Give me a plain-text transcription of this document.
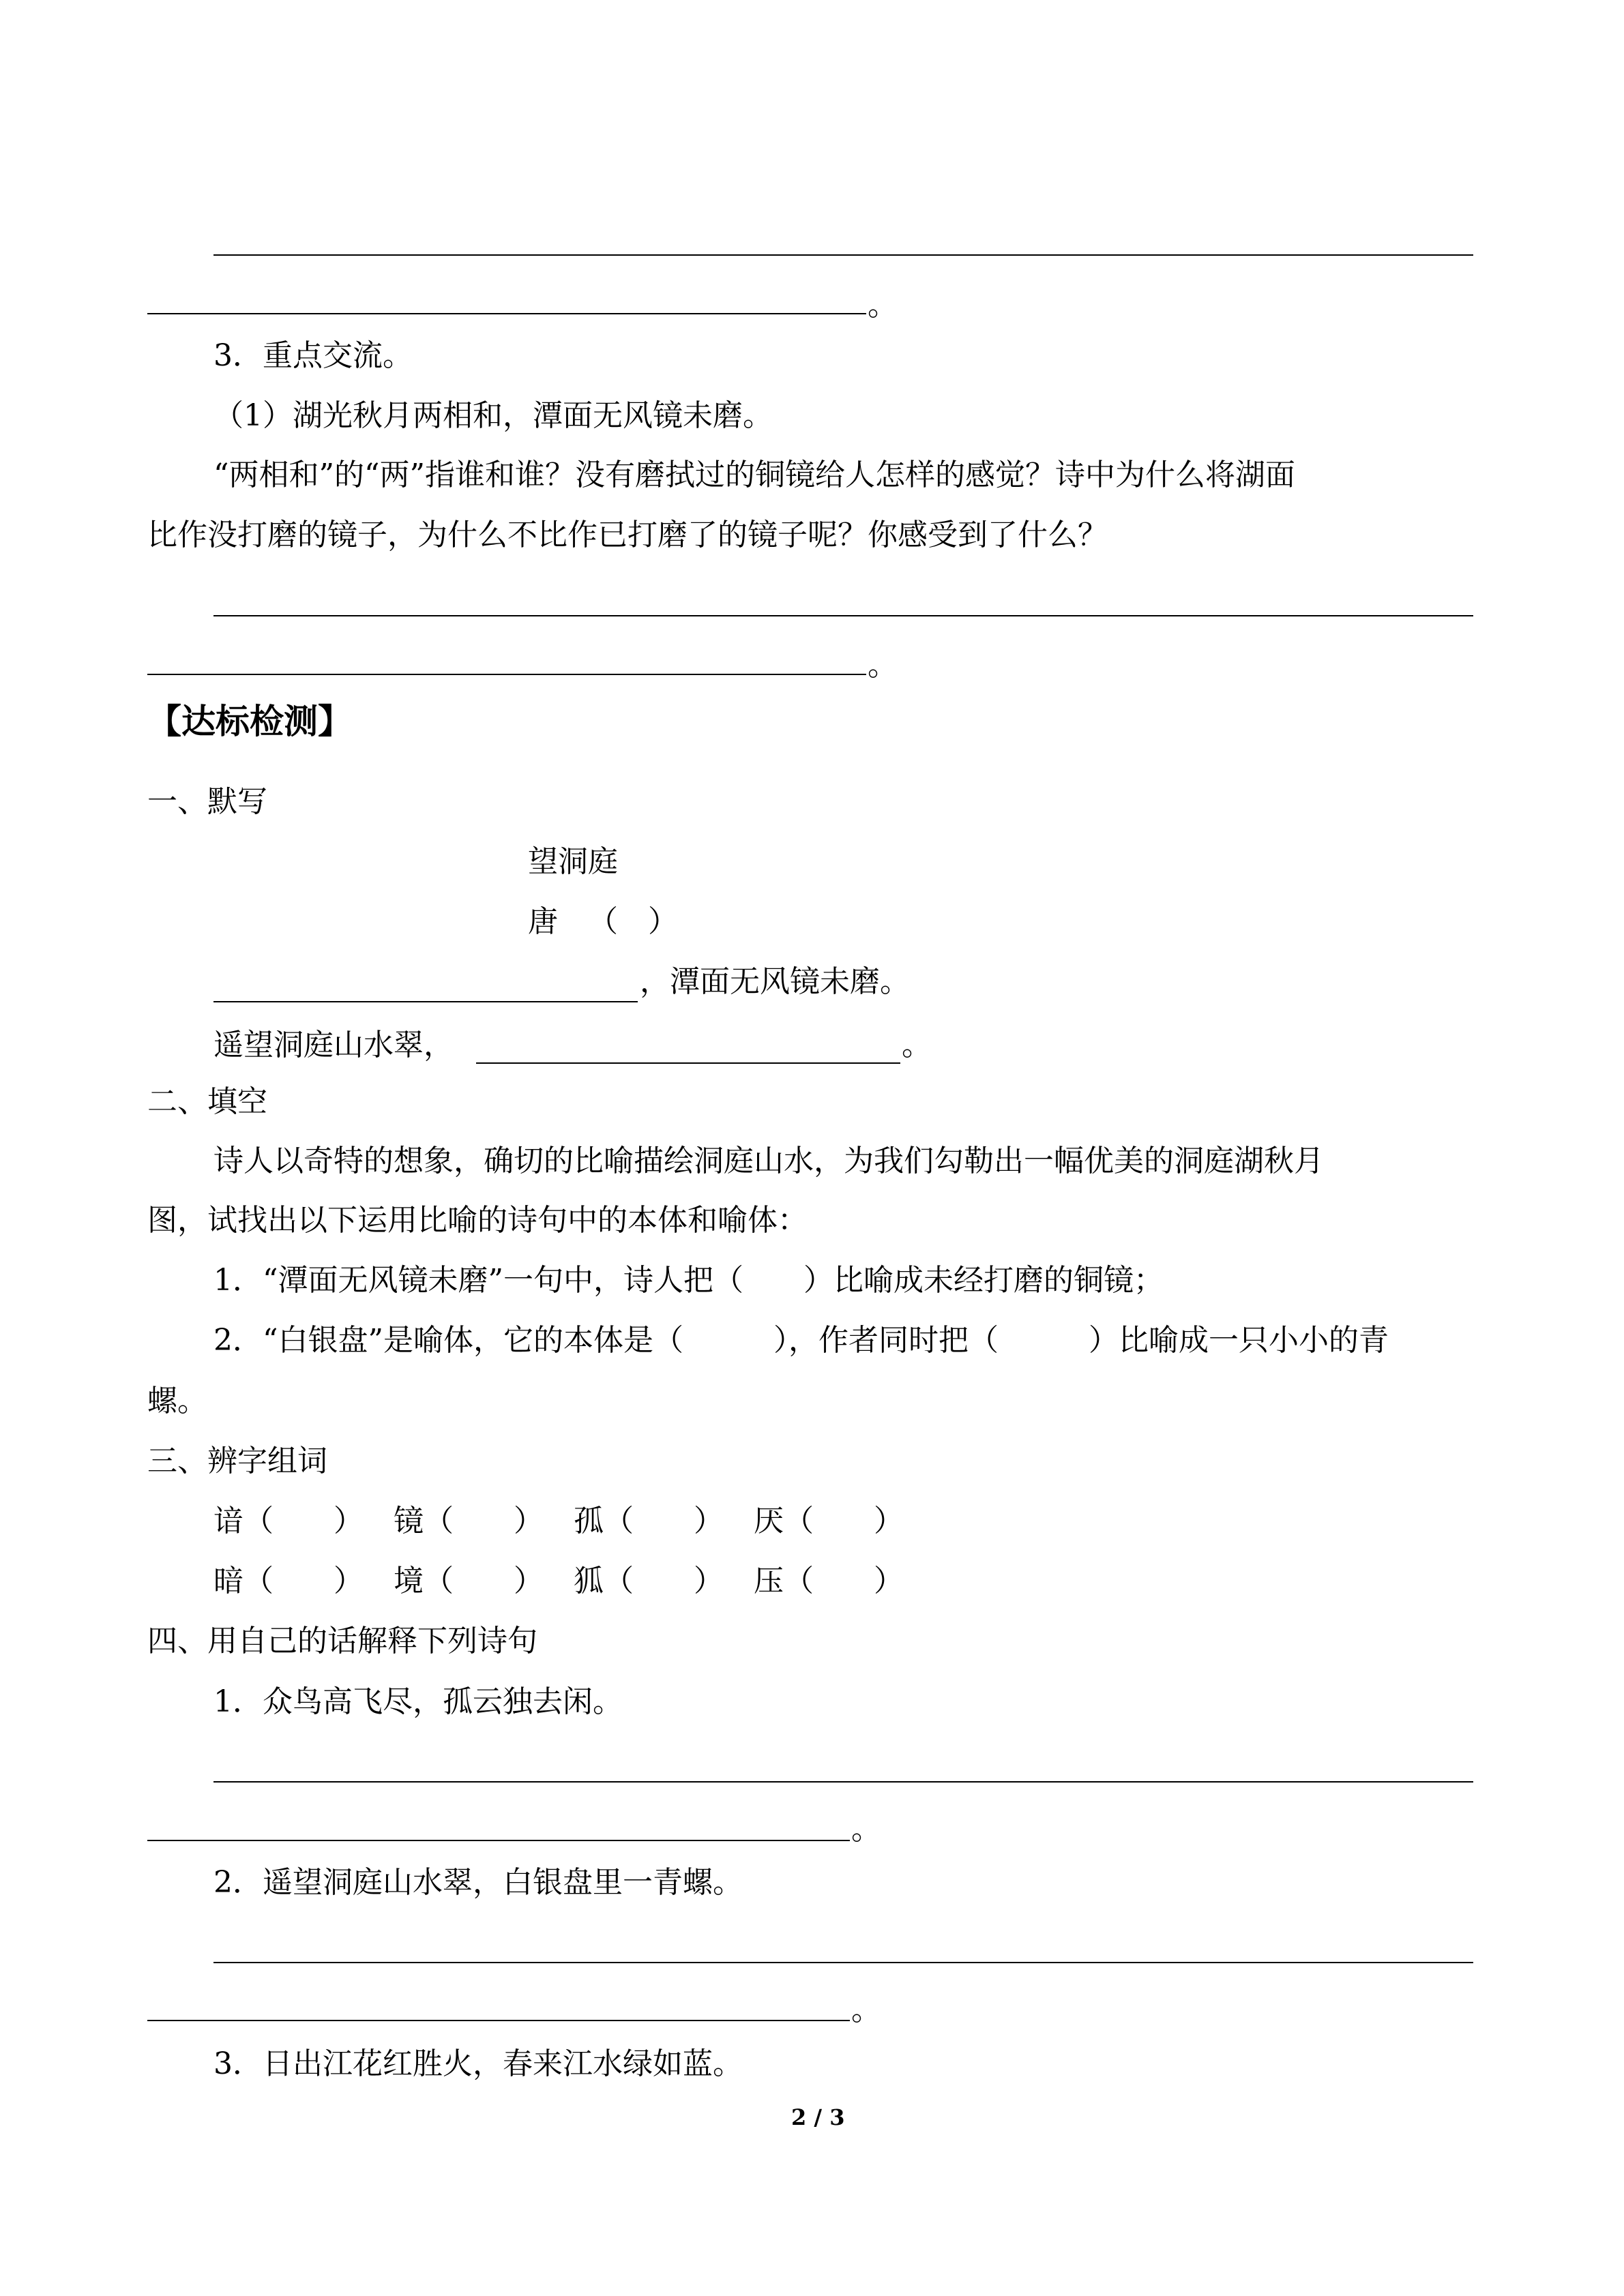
。
3．重点交流。
（1）湖光秋月两相和，潭面无风镜未磨。
“两相和”的“两”指谁和谁？没有磨拭过的铜镜给人怎样的感觉？诗中为什么将湖面
比作没打磨的镜子，为什么不比作已打磨了的镜子呢？你感受到了什么？
。
【达标检测】
一、默写
望洞庭
唐 （ ）
，潭面无风镜未磨。
遥望洞庭山水翠，	。
二、填空
诗人以奇特的想象，确切的比喻描绘洞庭山水，为我们勾勒出一幅优美的洞庭湖秋月
图，试找出以下运用比喻的诗句中的本体和喻体：
1．“潭面无风镜未磨”一句中，诗人把（　　）比喻成未经打磨的铜镜；
2．“白银盘”是喻体，它的本体是（　　　），作者同时把（　　　）比喻成一只小小的青
螺。
三、辨字组词
谙（　　） 镜（　　） 孤（　　） 厌（　　）
暗（　　） 境（　　） 狐（　　） 压（　　）
四、用自己的话解释下列诗句
1．众鸟高飞尽，孤云独去闲。
。
2．遥望洞庭山水翠，白银盘里一青螺。
。
3．日出江花红胜火，春来江水绿如蓝。
2 / 3
